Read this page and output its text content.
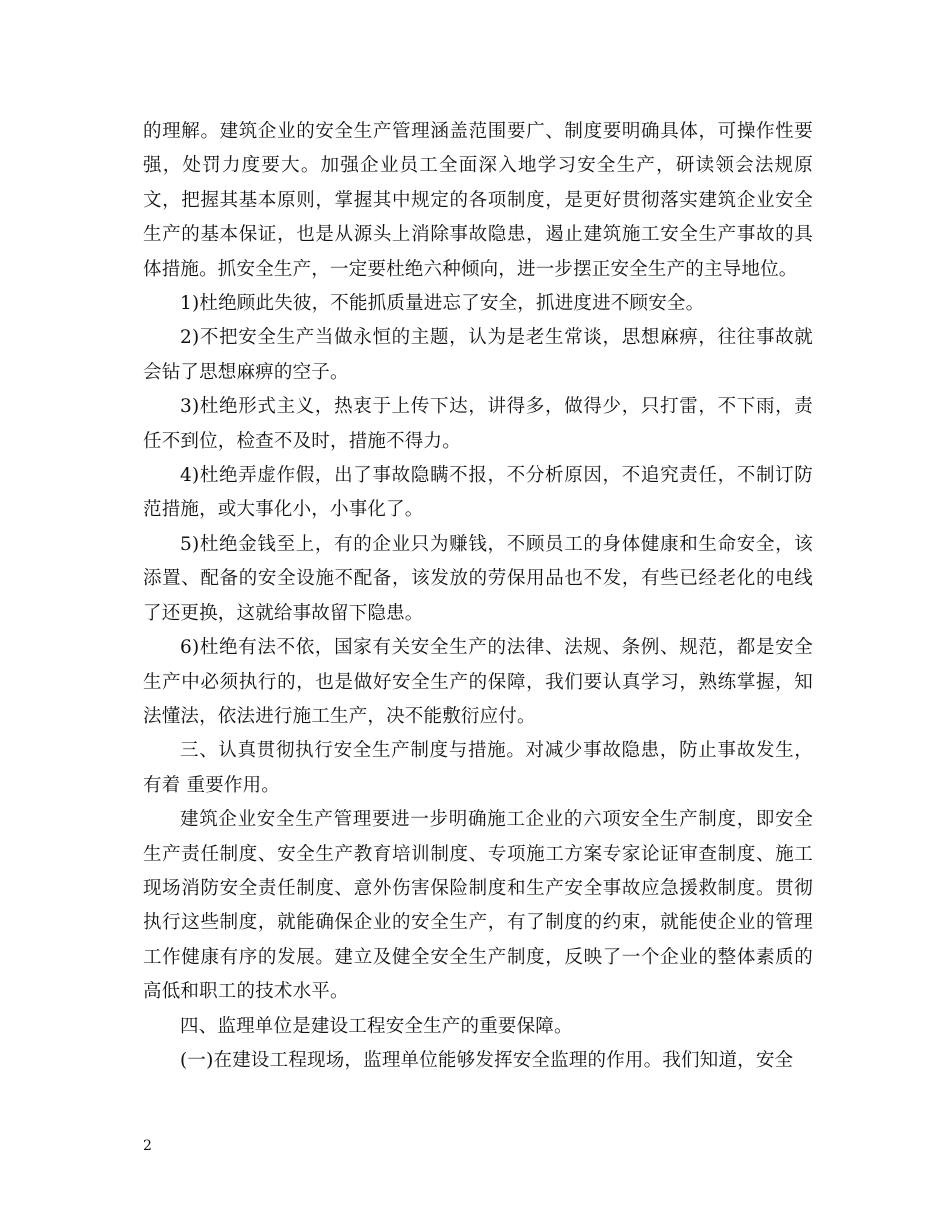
的理解。建筑企业的安全生产管理涵盖范围要广、制度要明确具体，可操作性要强，处罚力度要大。加强企业员工全面深入地学习安全生产，研读领会法规原文，把握其基本原则，掌握其中规定的各项制度，是更好贯彻落实建筑企业安全生产的基本保证，也是从源头上消除事故隐患，遏止建筑施工安全生产事故的具体措施。抓安全生产，一定要杜绝六种倾向，进一步摆正安全生产的主导地位。

1)杜绝顾此失彼，不能抓质量进忘了安全，抓进度进不顾安全。

2)不把安全生产当做永恒的主题，认为是老生常谈，思想麻痹，往往事故就会钻了思想麻痹的空子。

3)杜绝形式主义，热衷于上传下达，讲得多，做得少，只打雷，不下雨，责任不到位，检查不及时，措施不得力。

4)杜绝弄虚作假，出了事故隐瞒不报，不分析原因，不追究责任，不制订防范措施，或大事化小，小事化了。

5)杜绝金钱至上，有的企业只为赚钱，不顾员工的身体健康和生命安全，该添置、配备的安全设施不配备，该发放的劳保用品也不发，有些已经老化的电线了还更换，这就给事故留下隐患。

6)杜绝有法不依，国家有关安全生产的法律、法规、条例、规范，都是安全生产中必须执行的，也是做好安全生产的保障，我们要认真学习，熟练掌握，知法懂法，依法进行施工生产，决不能敷衍应付。

三、认真贯彻执行安全生产制度与措施。对减少事故隐患，防止事故发生，有着 重要作用。

建筑企业安全生产管理要进一步明确施工企业的六项安全生产制度，即安全生产责任制度、安全生产教育培训制度、专项施工方案专家论证审查制度、施工现场消防安全责任制度、意外伤害保险制度和生产安全事故应急援救制度。贯彻执行这些制度，就能确保企业的安全生产，有了制度的约束，就能使企业的管理工作健康有序的发展。建立及健全安全生产制度，反映了一个企业的整体素质的高低和职工的技术水平。

四、监理单位是建设工程安全生产的重要保障。

(一)在建设工程现场，监理单位能够发挥安全监理的作用。我们知道，安全

2
